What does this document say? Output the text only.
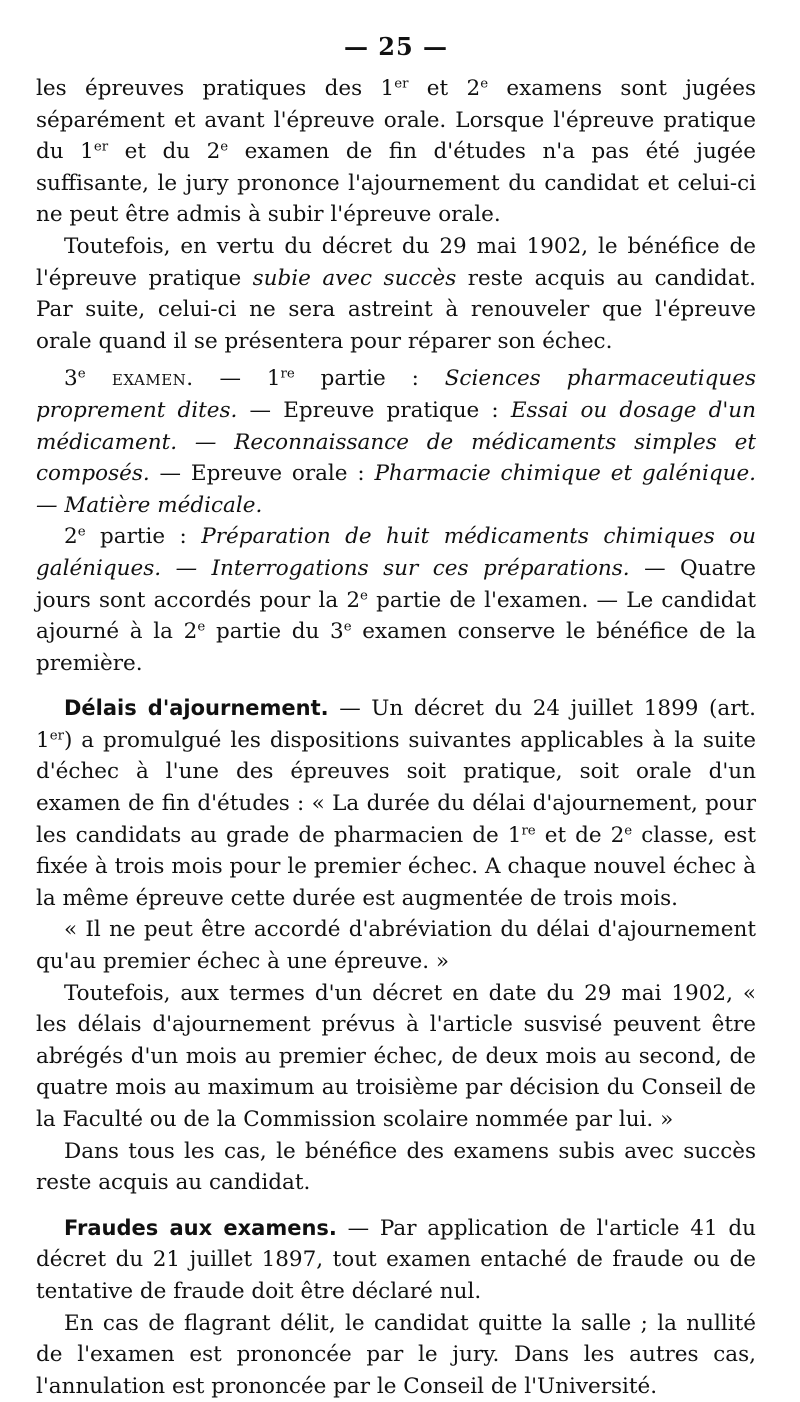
— 25 —

les épreuves pratiques des 1er et 2e examens sont jugées séparément et avant l'épreuve orale. Lorsque l'épreuve pratique du 1er et du 2e examen de fin d'études n'a pas été jugée suffisante, le jury prononce l'ajournement du candidat et celui-ci ne peut être admis à subir l'épreuve orale.

Toutefois, en vertu du décret du 29 mai 1902, le bénéfice de l'épreuve pratique subie avec succès reste acquis au candidat. Par suite, celui-ci ne sera astreint à renouveler que l'épreuve orale quand il se présentera pour réparer son échec.

3e examen. — 1re partie : Sciences pharmaceutiques proprement dites. — Epreuve pratique : Essai ou dosage d'un médicament. — Reconnaissance de médicaments simples et composés. — Epreuve orale : Pharmacie chimique et galénique. — Matière médicale.

2e partie : Préparation de huit médicaments chimiques ou galéniques. — Interrogations sur ces préparations. — Quatre jours sont accordés pour la 2e partie de l'examen. — Le candidat ajourné à la 2e partie du 3e examen conserve le bénéfice de la première.

Délais d'ajournement. — Un décret du 24 juillet 1899 (art. 1er) a promulgué les dispositions suivantes applicables à la suite d'échec à l'une des épreuves soit pratique, soit orale d'un examen de fin d'études : « La durée du délai d'ajournement, pour les candidats au grade de pharmacien de 1re et de 2e classe, est fixée à trois mois pour le premier échec. A chaque nouvel échec à la même épreuve cette durée est augmentée de trois mois.

« Il ne peut être accordé d'abréviation du délai d'ajournement qu'au premier échec à une épreuve. »

Toutefois, aux termes d'un décret en date du 29 mai 1902, « les délais d'ajournement prévus à l'article susvisé peuvent être abrégés d'un mois au premier échec, de deux mois au second, de quatre mois au maximum au troisième par décision du Conseil de la Faculté ou de la Commission scolaire nommée par lui. »

Dans tous les cas, le bénéfice des examens subis avec succès reste acquis au candidat.

Fraudes aux examens. — Par application de l'article 41 du décret du 21 juillet 1897, tout examen entaché de fraude ou de tentative de fraude doit être déclaré nul.

En cas de flagrant délit, le candidat quitte la salle ; la nullité de l'examen est prononcée par le jury. Dans les autres cas, l'annulation est prononcée par le Conseil de l'Université.
